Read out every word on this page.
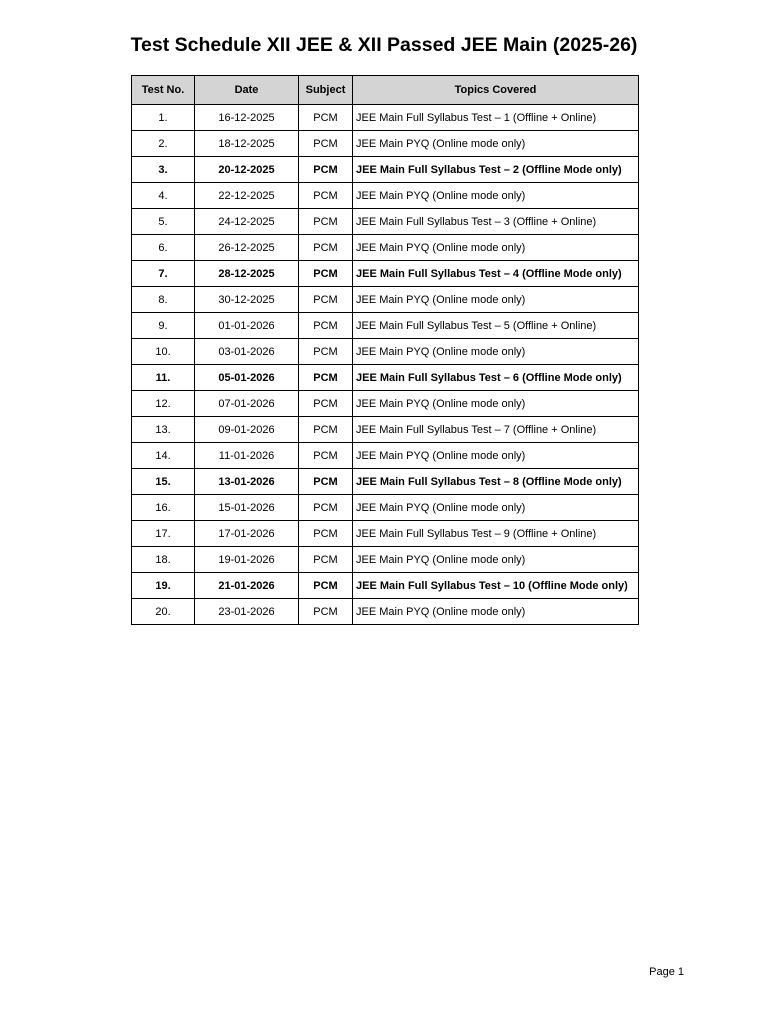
Test Schedule XII JEE & XII Passed JEE Main (2025-26)
Test No.	Date	Subject	Topics Covered
1.	16-12-2025	PCM	JEE Main Full Syllabus Test – 1 (Offline + Online)
2.	18-12-2025	PCM	JEE Main PYQ (Online mode only)
3.	20-12-2025	PCM	JEE Main Full Syllabus Test – 2 (Offline Mode only)
4.	22-12-2025	PCM	JEE Main PYQ (Online mode only)
5.	24-12-2025	PCM	JEE Main Full Syllabus Test – 3 (Offline + Online)
6.	26-12-2025	PCM	JEE Main PYQ (Online mode only)
7.	28-12-2025	PCM	JEE Main Full Syllabus Test – 4 (Offline Mode only)
8.	30-12-2025	PCM	JEE Main PYQ (Online mode only)
9.	01-01-2026	PCM	JEE Main Full Syllabus Test – 5 (Offline + Online)
10.	03-01-2026	PCM	JEE Main PYQ (Online mode only)
11.	05-01-2026	PCM	JEE Main Full Syllabus Test – 6 (Offline Mode only)
12.	07-01-2026	PCM	JEE Main PYQ (Online mode only)
13.	09-01-2026	PCM	JEE Main Full Syllabus Test – 7 (Offline + Online)
14.	11-01-2026	PCM	JEE Main PYQ (Online mode only)
15.	13-01-2026	PCM	JEE Main Full Syllabus Test – 8 (Offline Mode only)
16.	15-01-2026	PCM	JEE Main PYQ (Online mode only)
17.	17-01-2026	PCM	JEE Main Full Syllabus Test – 9 (Offline + Online)
18.	19-01-2026	PCM	JEE Main PYQ (Online mode only)
19.	21-01-2026	PCM	JEE Main Full Syllabus Test – 10 (Offline Mode only)
20.	23-01-2026	PCM	JEE Main PYQ (Online mode only)
Page 1
